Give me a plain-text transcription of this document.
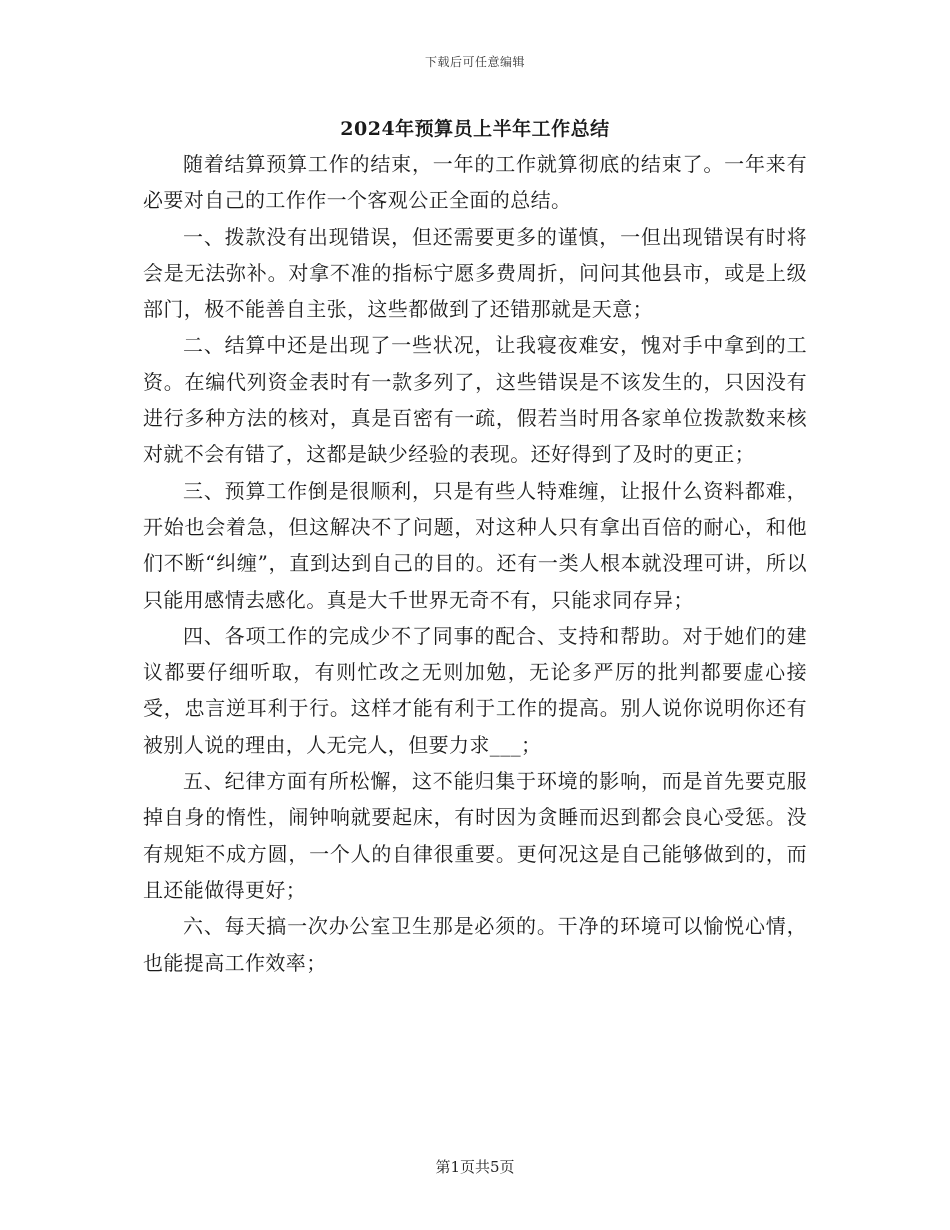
下载后可任意编辑
2024年预算员上半年工作总结

随着结算预算工作的结束，一年的工作就算彻底的结束了。一年来有必要对自己的工作作一个客观公正全面的总结。

一、拨款没有出现错误，但还需要更多的谨慎，一但出现错误有时将会是无法弥补。对拿不准的指标宁愿多费周折，问问其他县市，或是上级部门，极不能善自主张，这些都做到了还错那就是天意；

二、结算中还是出现了一些状况，让我寝夜难安，愧对手中拿到的工资。在编代列资金表时有一款多列了，这些错误是不该发生的，只因没有进行多种方法的核对，真是百密有一疏，假若当时用各家单位拨款数来核对就不会有错了，这都是缺少经验的表现。还好得到了及时的更正；

三、预算工作倒是很顺利，只是有些人特难缠，让报什么资料都难，开始也会着急，但这解决不了问题，对这种人只有拿出百倍的耐心，和他们不断“纠缠”，直到达到自己的目的。还有一类人根本就没理可讲，所以只能用感情去感化。真是大千世界无奇不有，只能求同存异；

四、各项工作的完成少不了同事的配合、支持和帮助。对于她们的建议都要仔细听取，有则忙改之无则加勉，无论多严厉的批判都要虚心接受，忠言逆耳利于行。这样才能有利于工作的提高。别人说你说明你还有被别人说的理由，人无完人，但要力求___；

五、纪律方面有所松懈，这不能归集于环境的影响，而是首先要克服掉自身的惰性，闹钟响就要起床，有时因为贪睡而迟到都会良心受惩。没有规矩不成方圆，一个人的自律很重要。更何况这是自己能够做到的，而且还能做得更好；

六、每天搞一次办公室卫生那是必须的。干净的环境可以愉悦心情，也能提高工作效率；

第1页共5页
